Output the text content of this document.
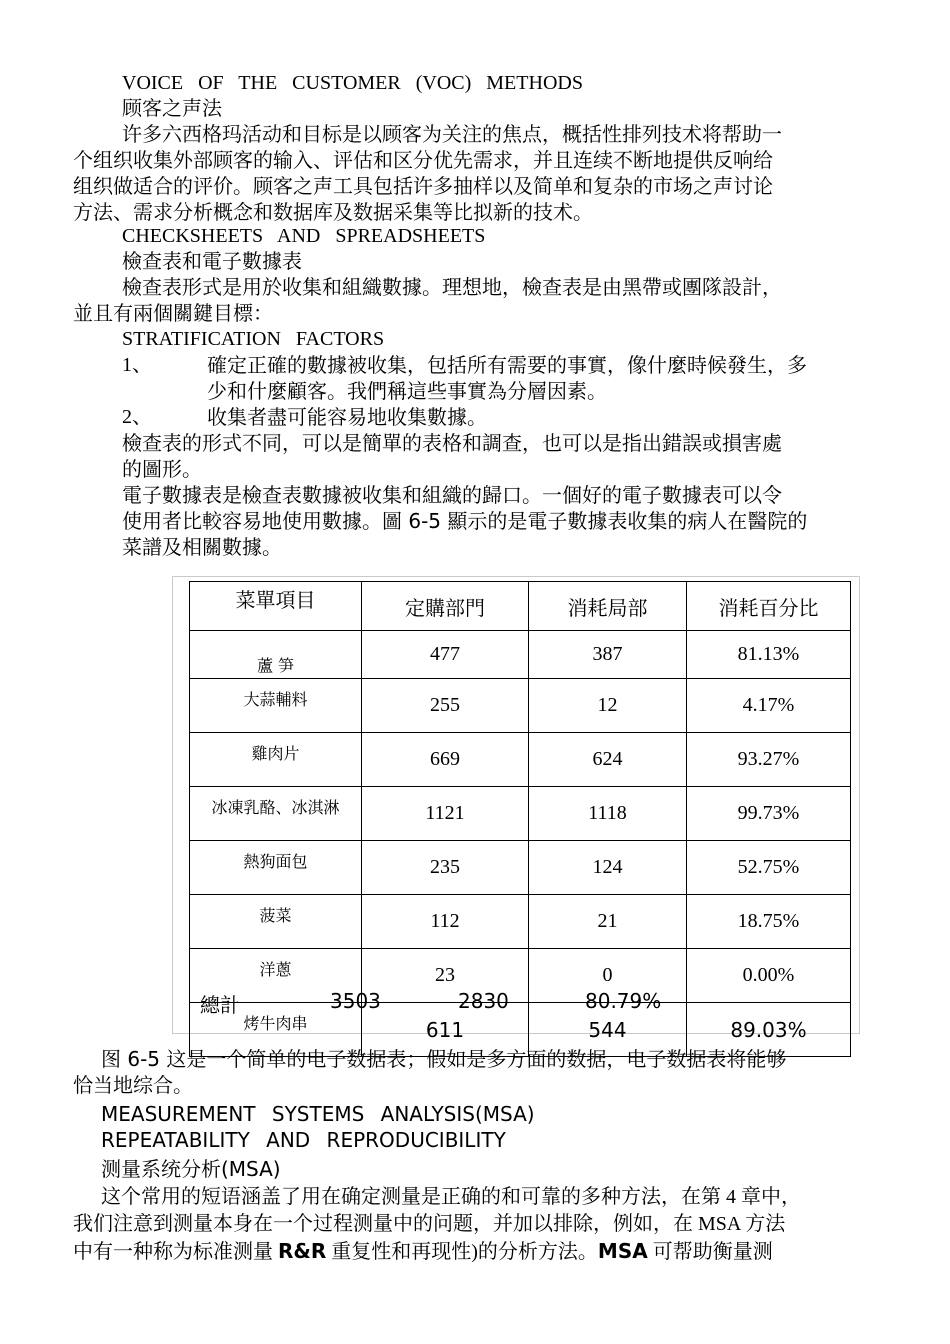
VOICE OF THE CUSTOMER (VOC) METHODS
顾客之声法
许多六西格玛活动和目标是以顾客为关注的焦点，概括性排列技术将帮助一
个组织收集外部顾客的输入、评估和区分优先需求，并且连续不断地提供反响给
组织做适合的评价。顾客之声工具包括许多抽样以及简单和复杂的市场之声讨论
方法、需求分析概念和数据库及数据采集等比拟新的技术。
CHECKSHEETS AND SPREADSHEETS
檢查表和電子數據表
檢查表形式是用於收集和組織數據。理想地，檢查表是由黑帶或團隊設計，
並且有兩個關鍵目標：
STRATIFICATION FACTORS
1、	確定正確的數據被收集，包括所有需要的事實，像什麼時候發生，多
少和什麼顧客。我們稱這些事實為分層因素。
2、	收集者盡可能容易地收集數據。
檢查表的形式不同，可以是簡單的表格和調查，也可以是指出錯誤或損害處
的圖形。
電子數據表是檢查表數據被收集和組織的歸口。一個好的電子數據表可以令
使用者比較容易地使用數據。圖 6-5 顯示的是電子數據表收集的病人在醫院的
菜譜及相關數據。
菜單項目	定購部門	消耗局部	消耗百分比
蘆 笋	477	387	81.13%
大蒜輔料	255	12	4.17%
雞肉片	669	624	93.27%
冰凍乳酪、冰淇淋	1121	1118	99.73%
熱狗面包	235	124	52.75%
菠菜	112	21	18.75%
洋蔥	23	0	0.00%
烤牛肉串	611	544	89.03%
總計	3503	2830	80.79%
图 6-5 这是一个简单的电子数据表；假如是多方面的数据，电子数据表将能够
恰当地综合。
MEASUREMENT SYSTEMS ANALYSIS(MSA)
REPEATABILITY AND REPRODUCIBILITY
测量系统分析(MSA)
这个常用的短语涵盖了用在确定测量是正确的和可靠的多种方法，在第 4 章中，
我们注意到测量本身在一个过程测量中的问题，并加以排除，例如，在 MSA 方法
中有一种称为标准测量 R&R 重复性和再现性)的分析方法。MSA 可帮助衡量测
